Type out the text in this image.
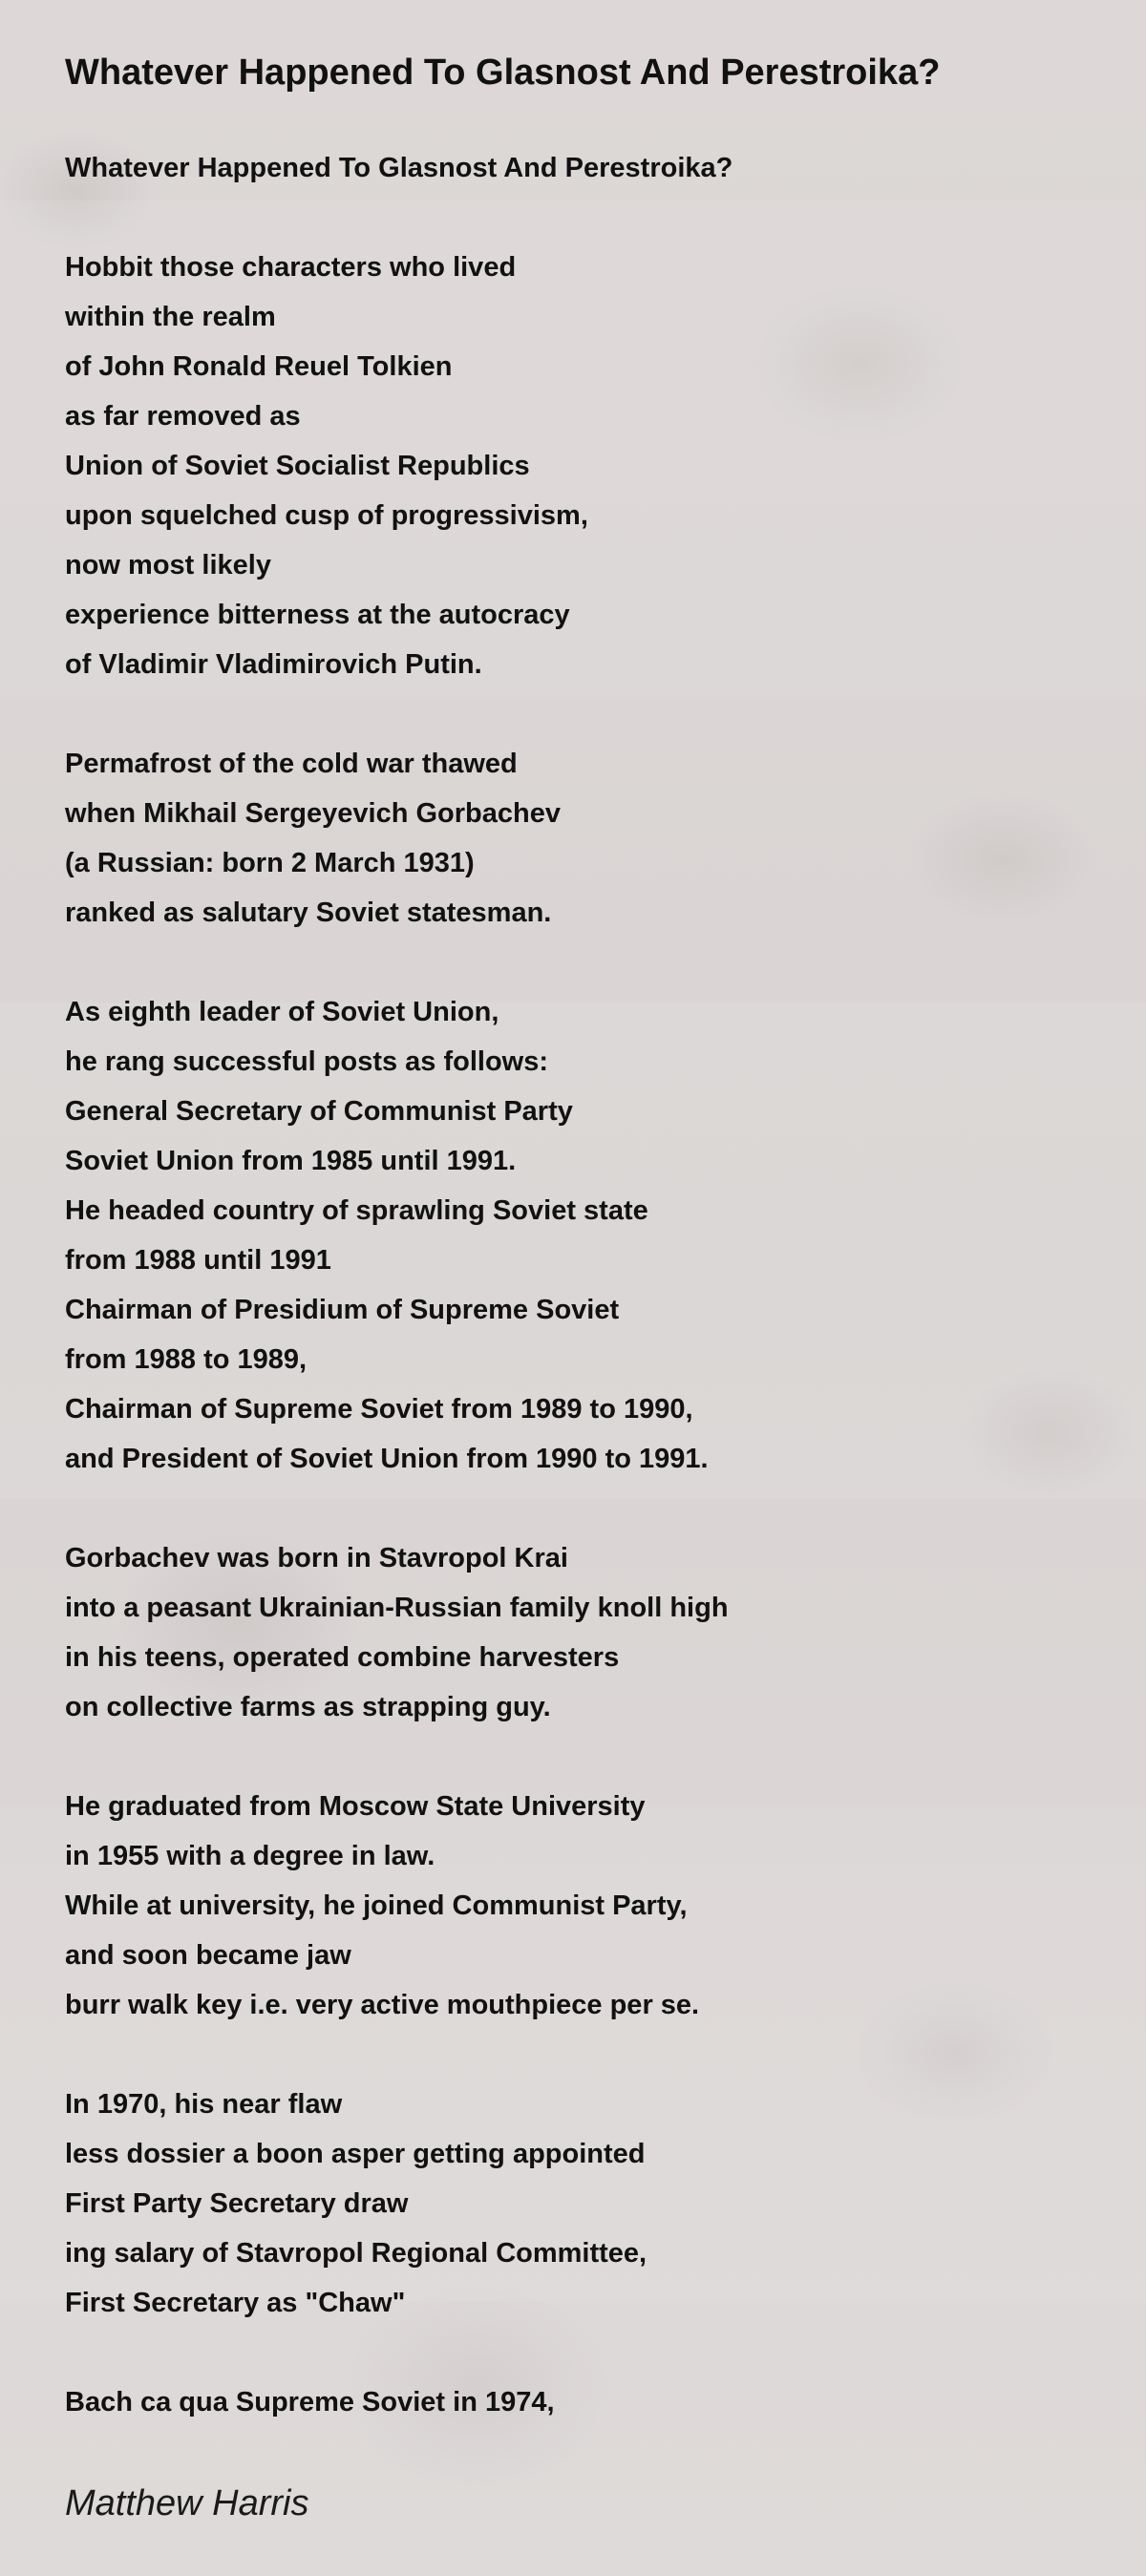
Whatever Happened To Glasnost And Perestroika?
Whatever Happened To Glasnost And Perestroika?
Hobbit those characters who lived
within the realm
of John Ronald Reuel Tolkien
as far removed as
Union of Soviet Socialist Republics
upon squelched cusp of progressivism,
now most likely
experience bitterness at the autocracy
of Vladimir Vladimirovich Putin.
Permafrost of the cold war thawed
when Mikhail Sergeyevich Gorbachev
(a Russian: born 2 March 1931)
ranked as salutary Soviet statesman.
As eighth leader of Soviet Union,
he rang successful posts as follows:
General Secretary of Communist Party
Soviet Union from 1985 until 1991.
He headed country of sprawling Soviet state
from 1988 until 1991
Chairman of Presidium of Supreme Soviet
from 1988 to 1989,
Chairman of Supreme Soviet from 1989 to 1990,
and President of Soviet Union from 1990 to 1991.
Gorbachev was born in Stavropol Krai
into a peasant Ukrainian-Russian family knoll high
in his teens, operated combine harvesters
on collective farms as strapping guy.
He graduated from Moscow State University
in 1955 with a degree in law.
While at university, he joined Communist Party,
and soon became jaw
burr walk key i.e. very active mouthpiece per se.
In 1970, his near flaw
less dossier a boon asper getting appointed
First Party Secretary draw
ing salary of Stavropol Regional Committee,
First Secretary as "Chaw"
Bach ca qua Supreme Soviet in 1974,
Matthew Harris
